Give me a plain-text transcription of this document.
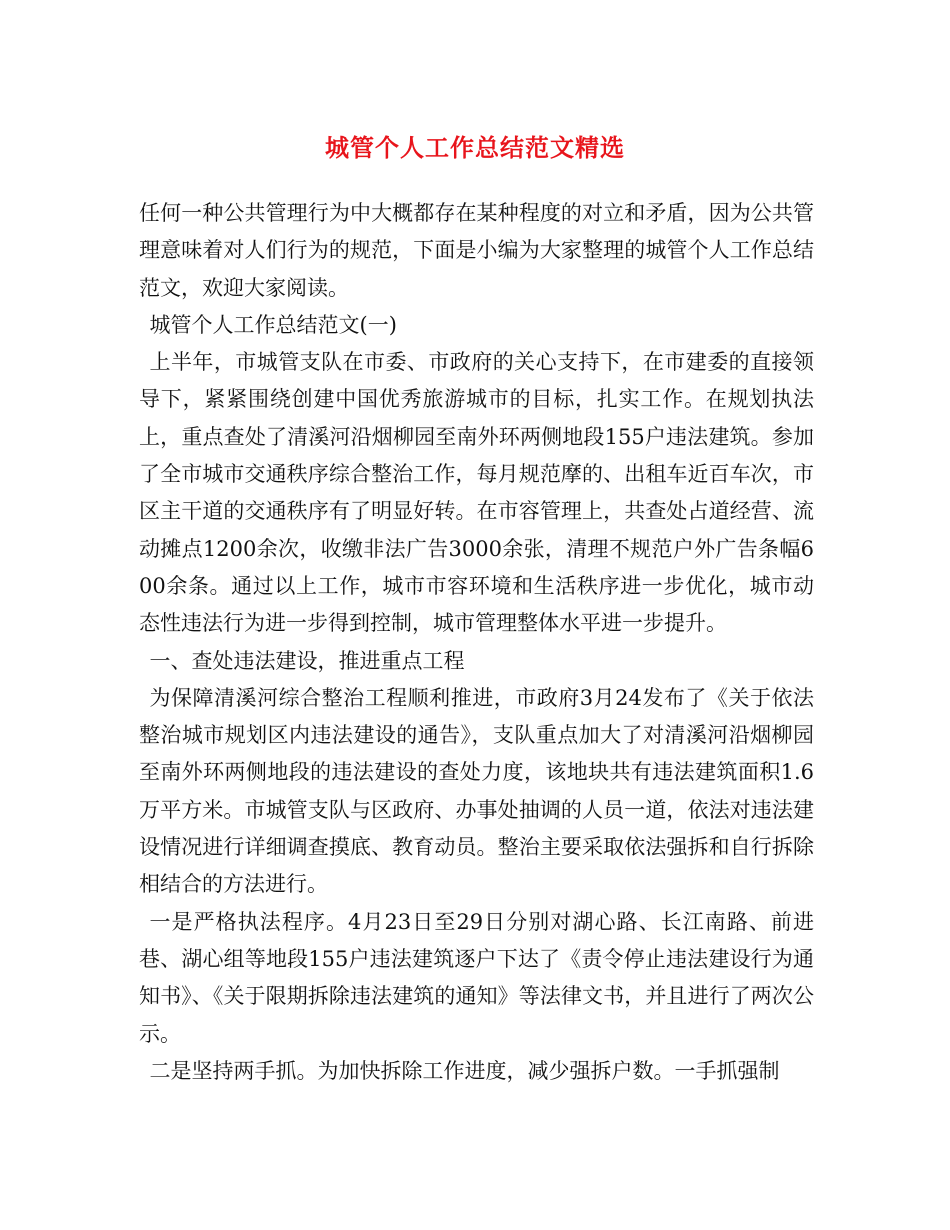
城管个人工作总结范文精选

任何一种公共管理行为中大概都存在某种程度的对立和矛盾，因为公共管理意味着对人们行为的规范，下面是小编为大家整理的城管个人工作总结范文，欢迎大家阅读。

城管个人工作总结范文(一)

上半年，市城管支队在市委、市政府的关心支持下，在市建委的直接领导下，紧紧围绕创建中国优秀旅游城市的目标，扎实工作。在规划执法上，重点查处了清溪河沿烟柳园至南外环两侧地段155户违法建筑。参加了全市城市交通秩序综合整治工作，每月规范摩的、出租车近百车次，市区主干道的交通秩序有了明显好转。在市容管理上，共查处占道经营、流动摊点1200余次，收缴非法广告3000余张，清理不规范户外广告条幅600余条。通过以上工作，城市市容环境和生活秩序进一步优化，城市动态性违法行为进一步得到控制，城市管理整体水平进一步提升。

一、查处违法建设，推进重点工程

为保障清溪河综合整治工程顺利推进，市政府3月24发布了《关于依法整治城市规划区内违法建设的通告》，支队重点加大了对清溪河沿烟柳园至南外环两侧地段的违法建设的查处力度，该地块共有违法建筑面积1.6万平方米。市城管支队与区政府、办事处抽调的人员一道，依法对违法建设情况进行详细调查摸底、教育动员。整治主要采取依法强拆和自行拆除相结合的方法进行。

一是严格执法程序。4月23日至29日分别对湖心路、长江南路、前进巷、湖心组等地段155户违法建筑逐户下达了《责令停止违法建设行为通知书》、《关于限期拆除违法建筑的通知》等法律文书，并且进行了两次公示。

二是坚持两手抓。为加快拆除工作进度，减少强拆户数。一手抓强制
